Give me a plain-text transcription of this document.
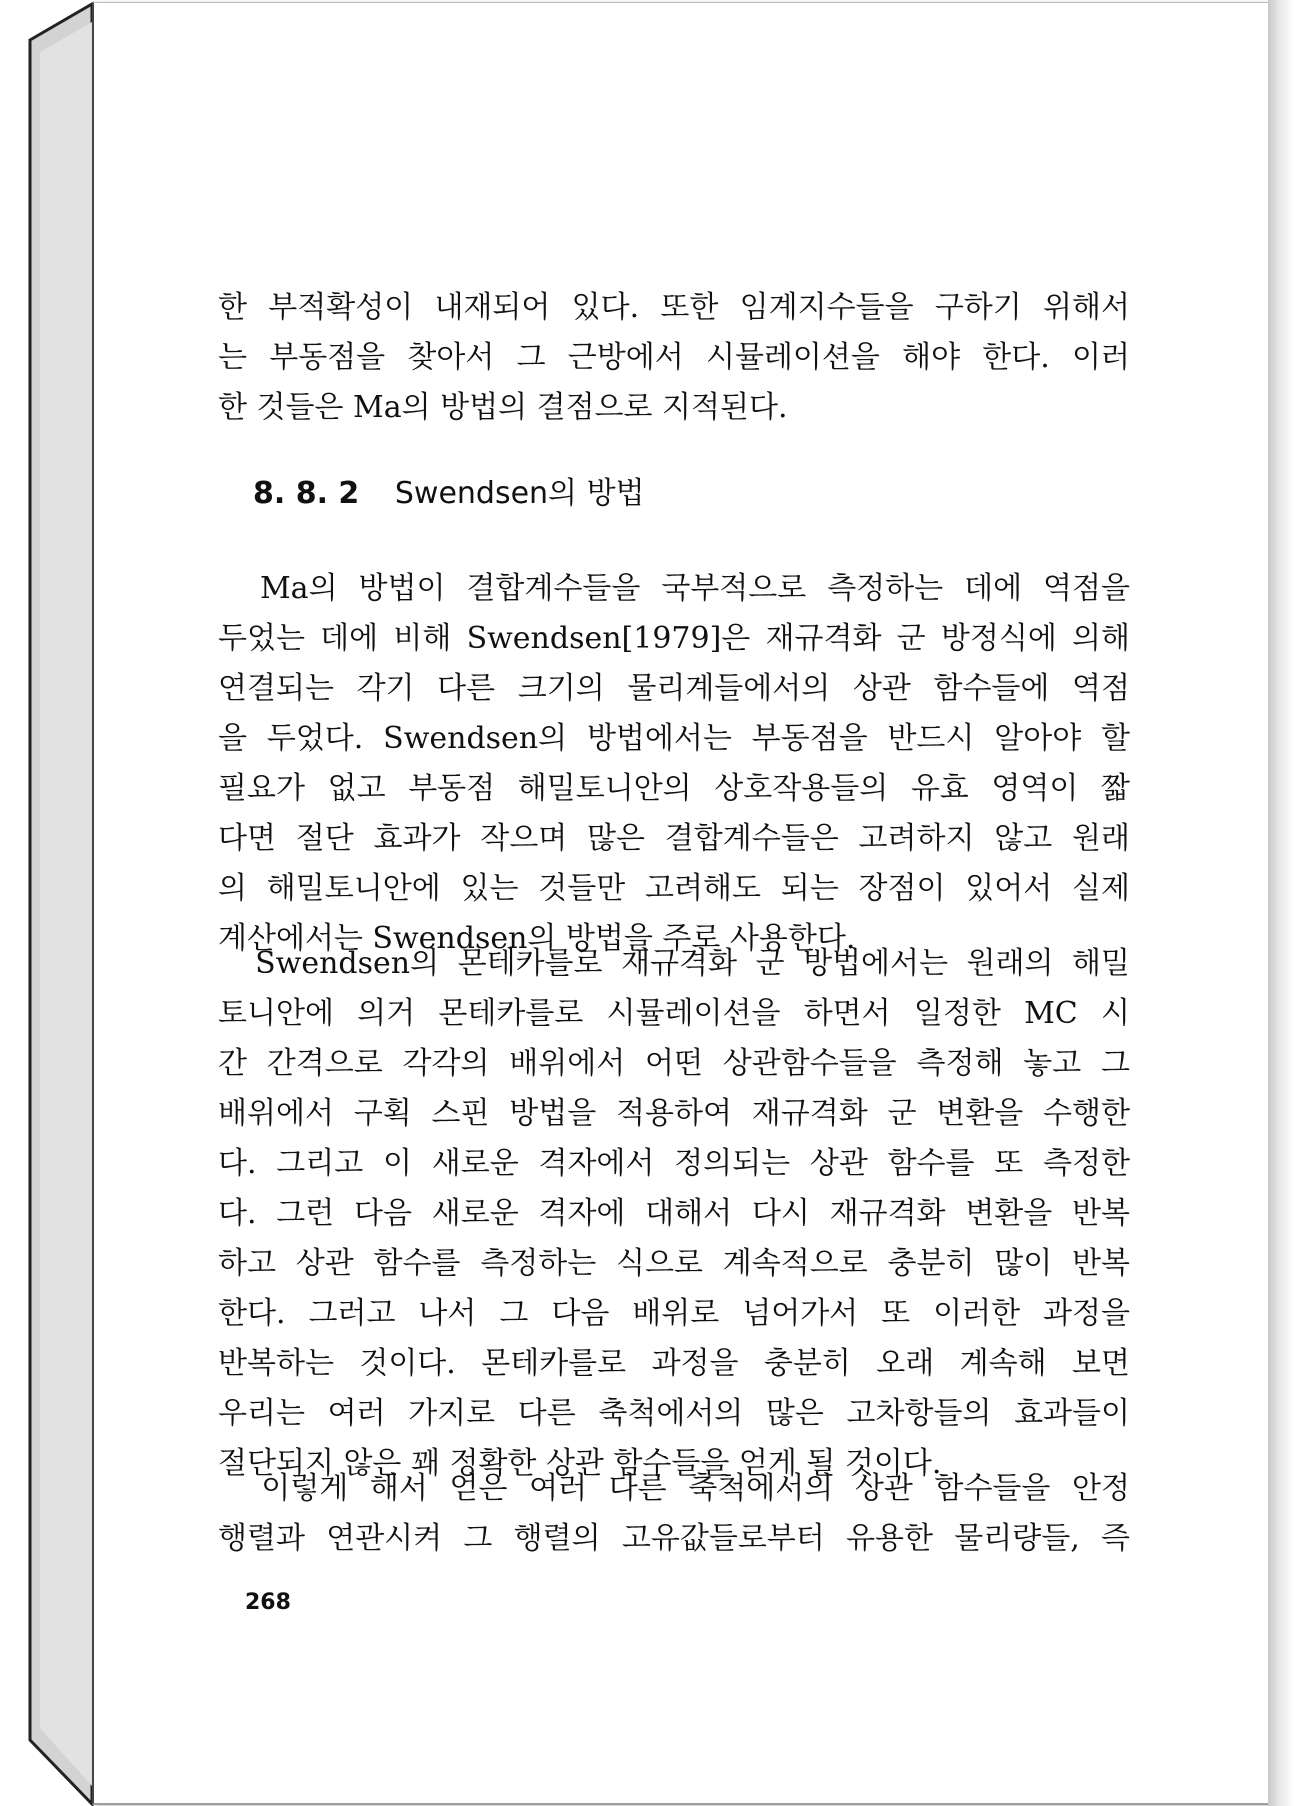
한 부적확성이 내재되어 있다. 또한 임계지수들을 구하기 위해서
는 부동점을 찾아서 그 근방에서 시뮬레이션을 해야 한다. 이러
한 것들은 Ma의 방법의 결점으로 지적된다.
8. 8. 2 Swendsen의 방법

Ma의 방법이 결합계수들을 국부적으로 측정하는 데에 역점을

두었는 데에 비해 Swendsen[1979]은 재규격화 군 방정식에 의해

연결되는 각기 다른 크기의 물리계들에서의 상관 함수들에 역점

을 두었다. Swendsen의 방법에서는 부동점을 반드시 알아야 할

필요가 없고 부동점 해밀토니안의 상호작용들의 유효 영역이 짧

다면 절단 효과가 작으며 많은 결합계수들은 고려하지 않고 원래

의 해밀토니안에 있는 것들만 고려해도 되는 장점이 있어서 실제

계산에서는 Swendsen의 방법을 주로 사용한다.

Swendsen의 몬테카를로 재규격화 군 방법에서는 원래의 해밀
토니안에 의거 몬테카를로 시뮬레이션을 하면서 일정한 MC 시
간 간격으로 각각의 배위에서 어떤 상관함수들을 측정해 놓고 그
배위에서 구획 스핀 방법을 적용하여 재규격화 군 변환을 수행한
다. 그리고 이 새로운 격자에서 정의되는 상관 함수를 또 측정한
다. 그런 다음 새로운 격자에 대해서 다시 재규격화 변환을 반복
하고 상관 함수를 측정하는 식으로 계속적으로 충분히 많이 반복
한다. 그러고 나서 그 다음 배위로 넘어가서 또 이러한 과정을
반복하는 것이다. 몬테카를로 과정을 충분히 오래 계속해 보면
우리는 여러 가지로 다른 축척에서의 많은 고차항들의 효과들이
절단되지 않은 꽤 정확한 상관 함수들을 얻게 될 것이다.
이렇게 해서 얻은 여러 다른 축척에서의 상관 함수들을 안정
행렬과 연관시켜 그 행렬의 고유값들로부터 유용한 물리량들, 즉
268
